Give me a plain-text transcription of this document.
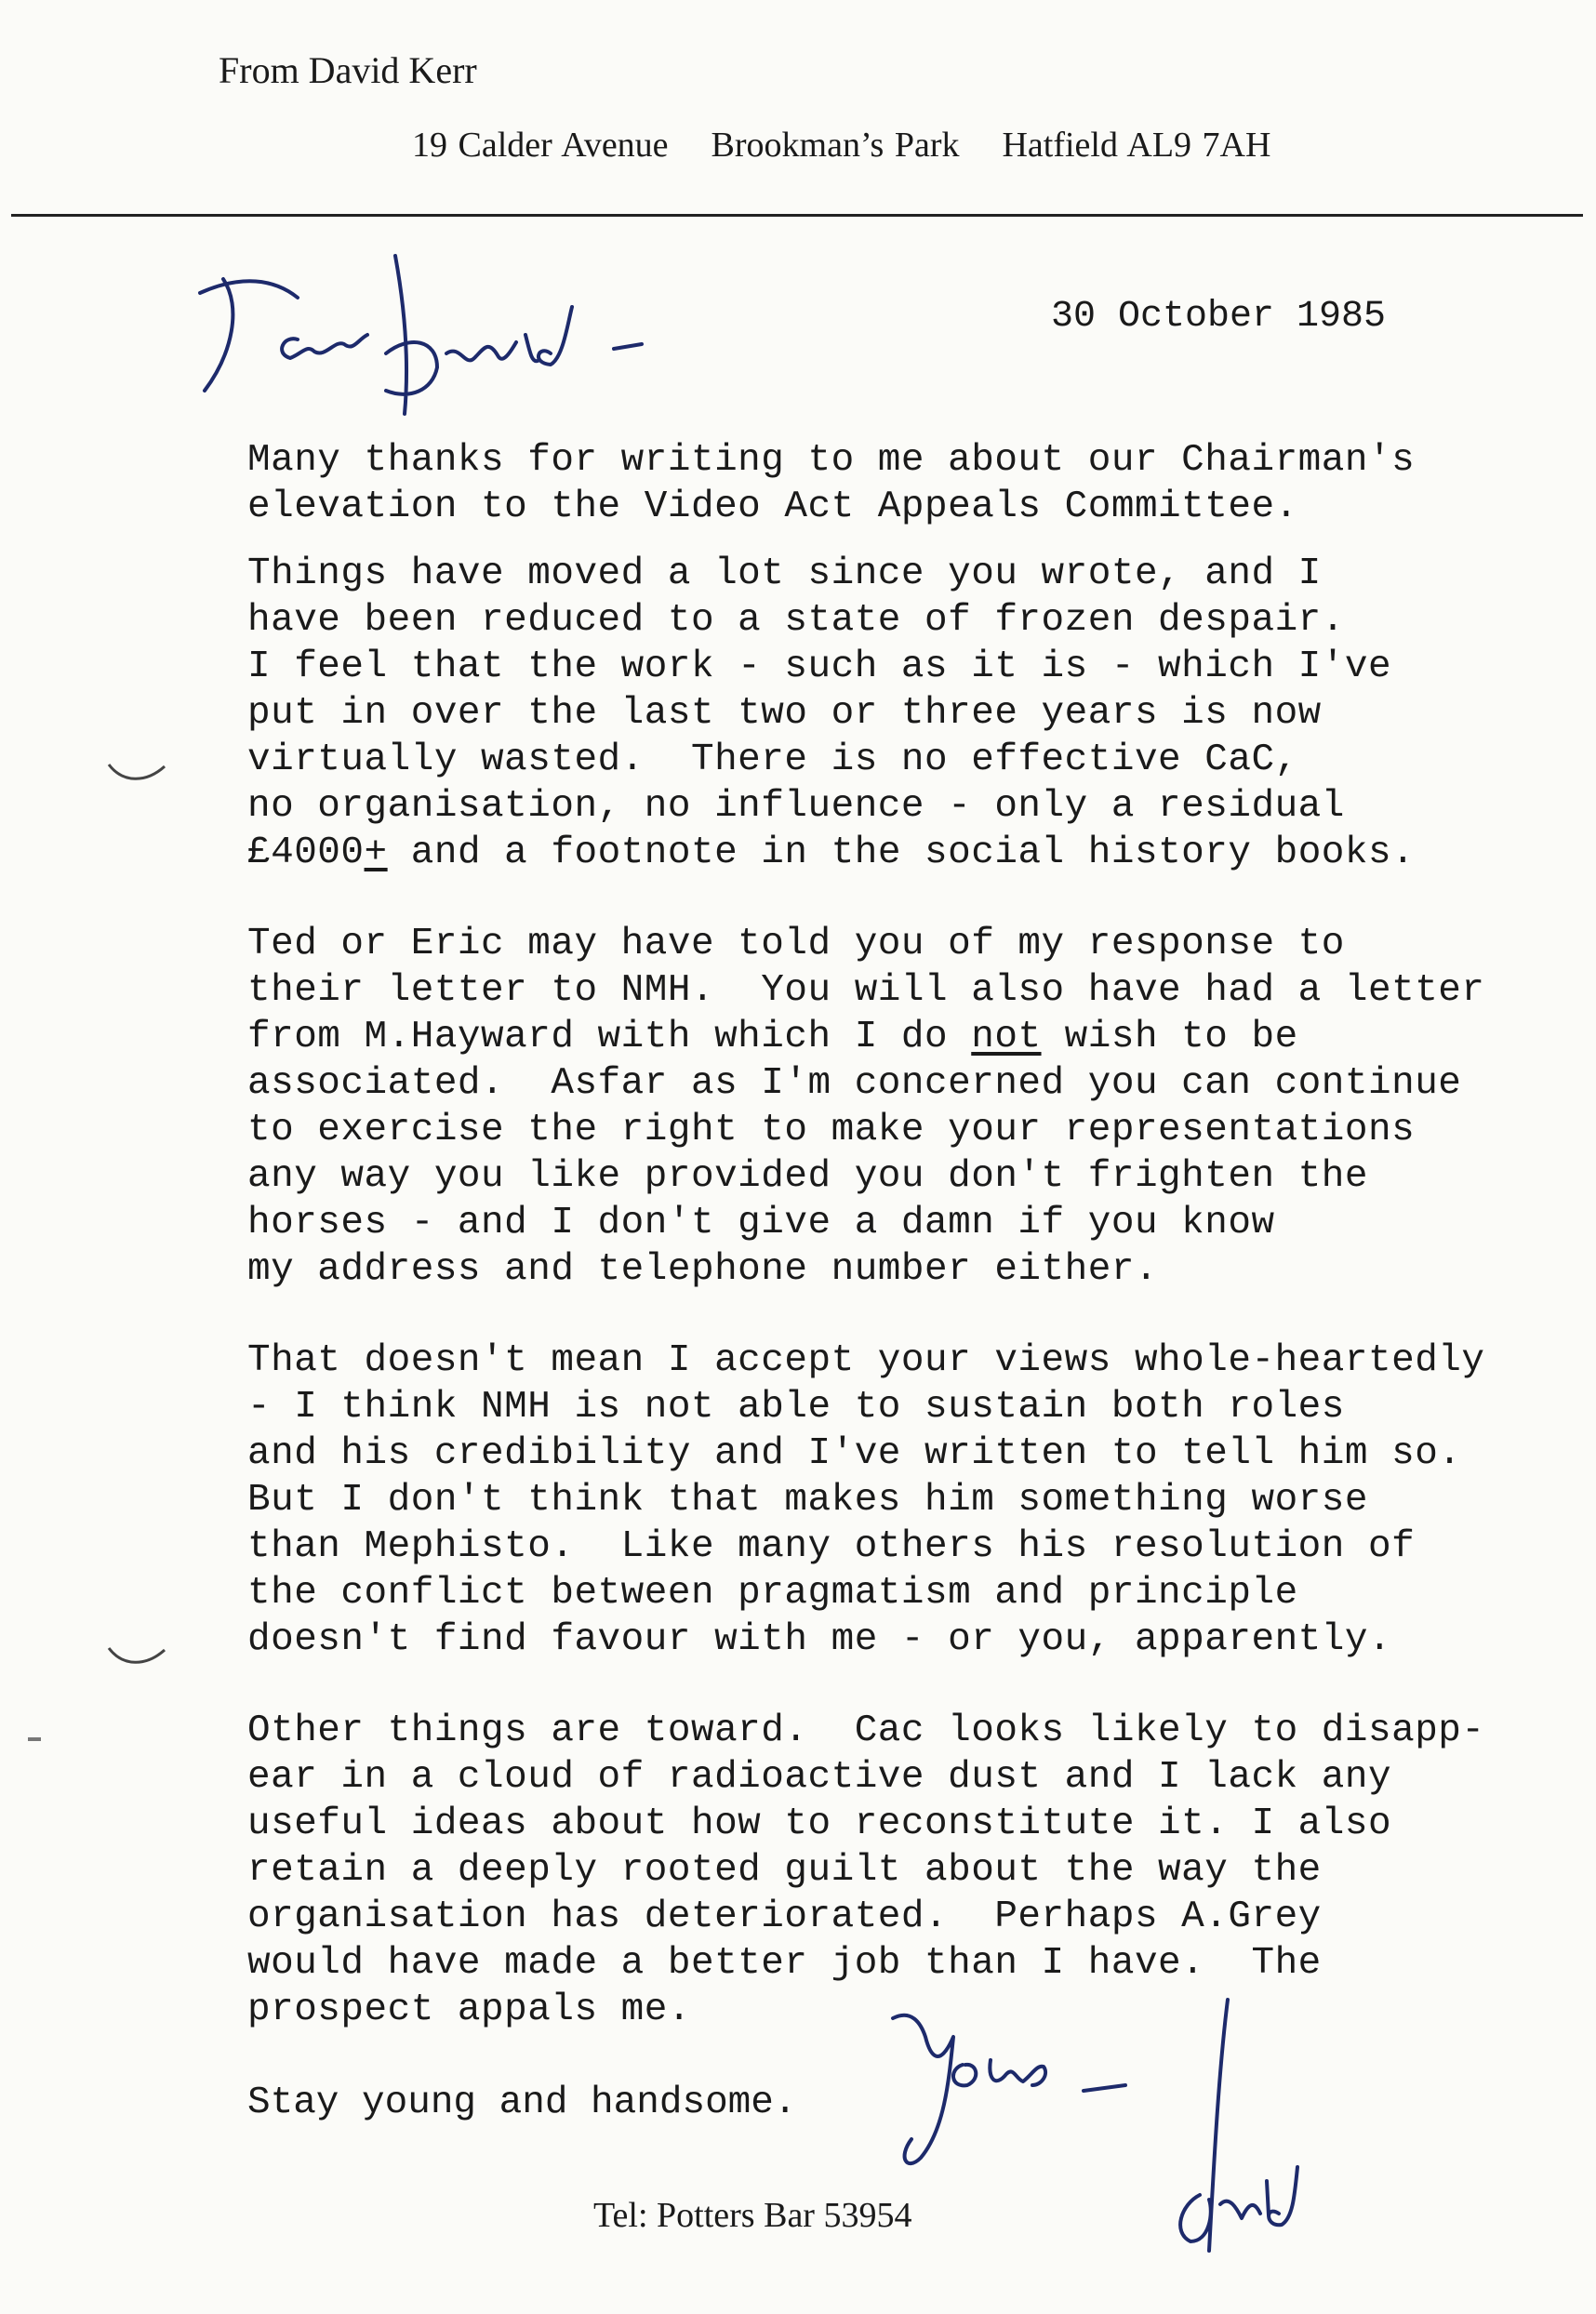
From David Kerr
19 Calder Avenue    Brookman’s Park    Hatfield AL9 7AH
30 October 1985
Many thanks for writing to me about our Chairman's
elevation to the Video Act Appeals Committee.
Things have moved a lot since you wrote, and I
have been reduced to a state of frozen despair.
I feel that the work - such as it is - which I've
put in over the last two or three years is now
virtually wasted.  There is no effective CaC,
no organisation, no influence - only a residual
£4000+ and a footnote in the social history books.
Ted or Eric may have told you of my response to
their letter to NMH.  You will also have had a letter
from M.Hayward with which I do not wish to be
associated.  Asfar as I'm concerned you can continue
to exercise the right to make your representations
any way you like provided you don't frighten the
horses - and I don't give a damn if you know
my address and telephone number either.
That doesn't mean I accept your views whole-heartedly
- I think NMH is not able to sustain both roles
and his credibility and I've written to tell him so.
But I don't think that makes him something worse
than Mephisto.  Like many others his resolution of
the conflict between pragmatism and principle
doesn't find favour with me - or you, apparently.
Other things are toward.  Cac looks likely to disapp-
ear in a cloud of radioactive dust and I lack any
useful ideas about how to reconstitute it. I also
retain a deeply rooted guilt about the way the
organisation has deteriorated.  Perhaps A.Grey
would have made a better job than I have.  The
prospect appals me.
Stay young and handsome.
Tel: Potters Bar 53954
